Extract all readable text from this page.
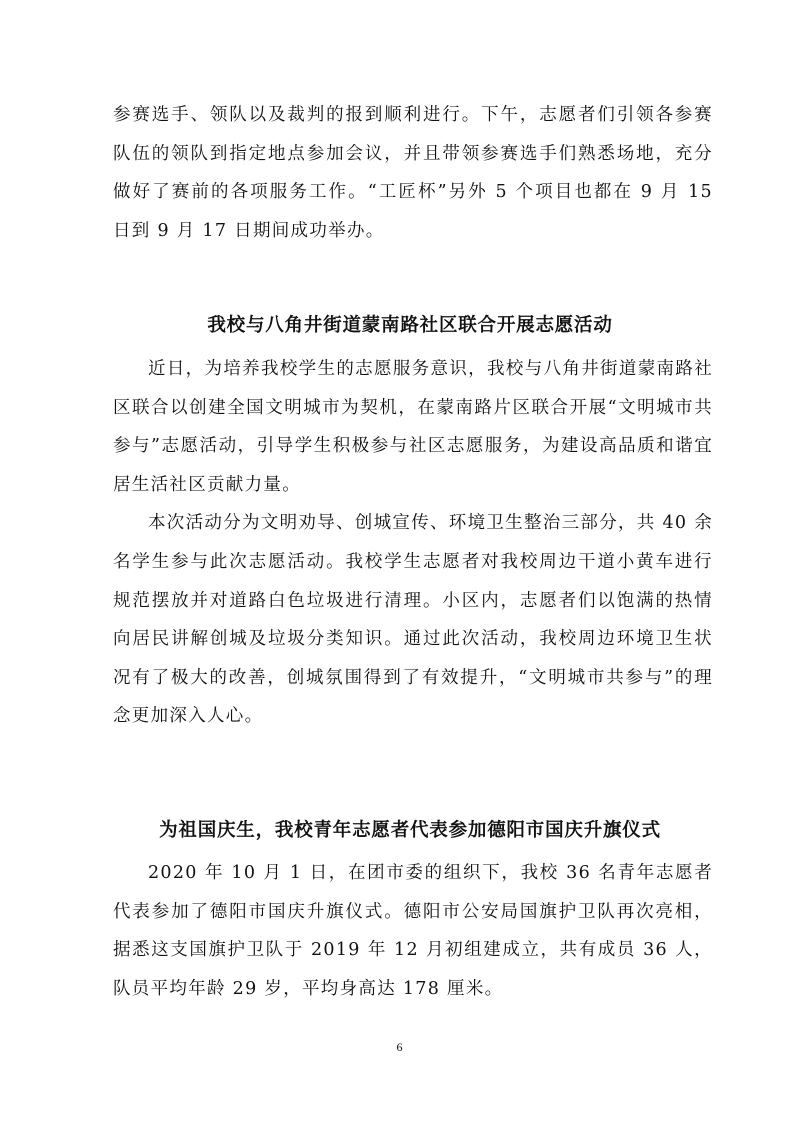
参赛选手、领队以及裁判的报到顺利进行。下午，志愿者们引领各参赛队伍的领队到指定地点参加会议，并且带领参赛选手们熟悉场地，充分做好了赛前的各项服务工作。“工匠杯”另外 5 个项目也都在 9 月 15 日到 9 月 17 日期间成功举办。

我校与八角井街道蒙南路社区联合开展志愿活动

近日，为培养我校学生的志愿服务意识，我校与八角井街道蒙南路社区联合以创建全国文明城市为契机，在蒙南路片区联合开展“文明城市共参与”志愿活动，引导学生积极参与社区志愿服务，为建设高品质和谐宜居生活社区贡献力量。

本次活动分为文明劝导、创城宣传、环境卫生整治三部分，共 40 余名学生参与此次志愿活动。我校学生志愿者对我校周边干道小黄车进行规范摆放并对道路白色垃圾进行清理。小区内，志愿者们以饱满的热情向居民讲解创城及垃圾分类知识。通过此次活动，我校周边环境卫生状况有了极大的改善，创城氛围得到了有效提升，“文明城市共参与”的理念更加深入人心。

为祖国庆生，我校青年志愿者代表参加德阳市国庆升旗仪式

2020 年 10 月 1 日，在团市委的组织下，我校 36 名青年志愿者代表参加了德阳市国庆升旗仪式。德阳市公安局国旗护卫队再次亮相，据悉这支国旗护卫队于 2019 年 12 月初组建成立，共有成员 36 人，队员平均年龄 29 岁，平均身高达 178 厘米。

6
